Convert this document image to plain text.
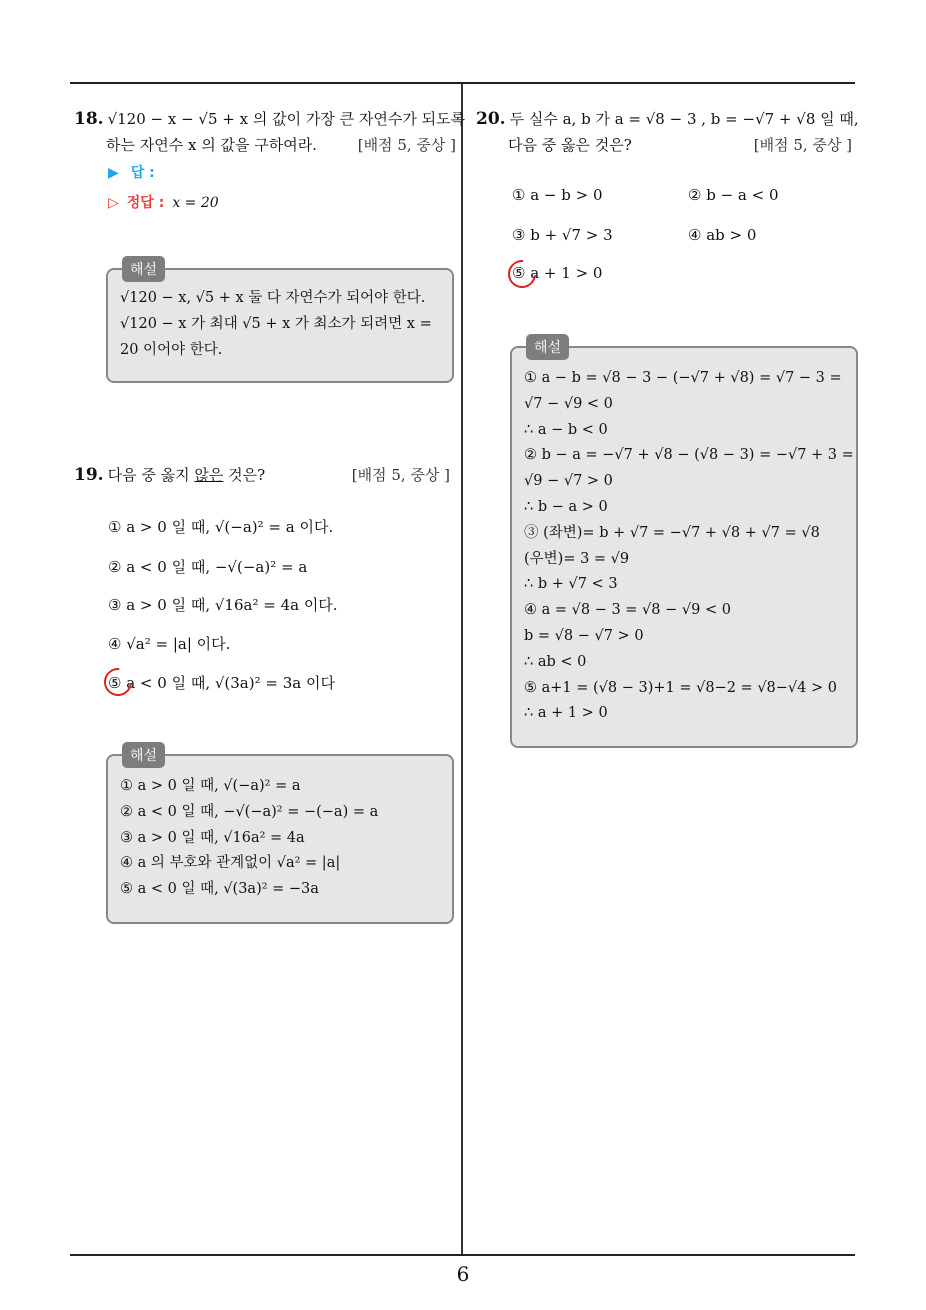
18. √120 − x − √5 + x 의 값이 가장 큰 자연수가 되도록
하는 자연수 x 의 값을 구하여라.	[배점 5, 중상 ]
▶ 답 :
▷ 정답 : x = 20
해설
√120 − x, √5 + x 둘 다 자연수가 되어야 한다.
√120 − x 가 최대 √5 + x 가 최소가 되려면 x =
20 이어야 한다.
19. 다음 중 옳지 않은 것은?	[배점 5, 중상 ]
① a > 0 일 때, √(−a)² = a 이다.
② a < 0 일 때, −√(−a)² = a
③ a > 0 일 때, √16a² = 4a 이다.
④ √a² = |a| 이다.
⑤ a < 0 일 때, √(3a)² = 3a 이다
해설
① a > 0 일 때, √(−a)² = a
② a < 0 일 때, −√(−a)² = −(−a) = a
③ a > 0 일 때, √16a² = 4a
④ a 의 부호와 관계없이 √a² = |a|
⑤ a < 0 일 때, √(3a)² = −3a
20. 두 실수 a, b 가 a = √8 − 3 , b = −√7 + √8 일 때,
다음 중 옳은 것은?	[배점 5, 중상 ]
① a − b > 0	② b − a < 0
③ b + √7 > 3	④ ab > 0
⑤ a + 1 > 0
해설
① a − b = √8 − 3 − (−√7 + √8) = √7 − 3 =
√7 − √9 < 0
∴ a − b < 0
② b − a = −√7 + √8 − (√8 − 3) = −√7 + 3 =
√9 − √7 > 0
∴ b − a > 0
③ (좌변)= b + √7 = −√7 + √8 + √7 = √8
(우변)= 3 = √9
∴ b + √7 < 3
④ a = √8 − 3 = √8 − √9 < 0
b = √8 − √7 > 0
∴ ab < 0
⑤ a+1 = (√8 − 3)+1 = √8−2 = √8−√4 > 0
∴ a + 1 > 0
6
